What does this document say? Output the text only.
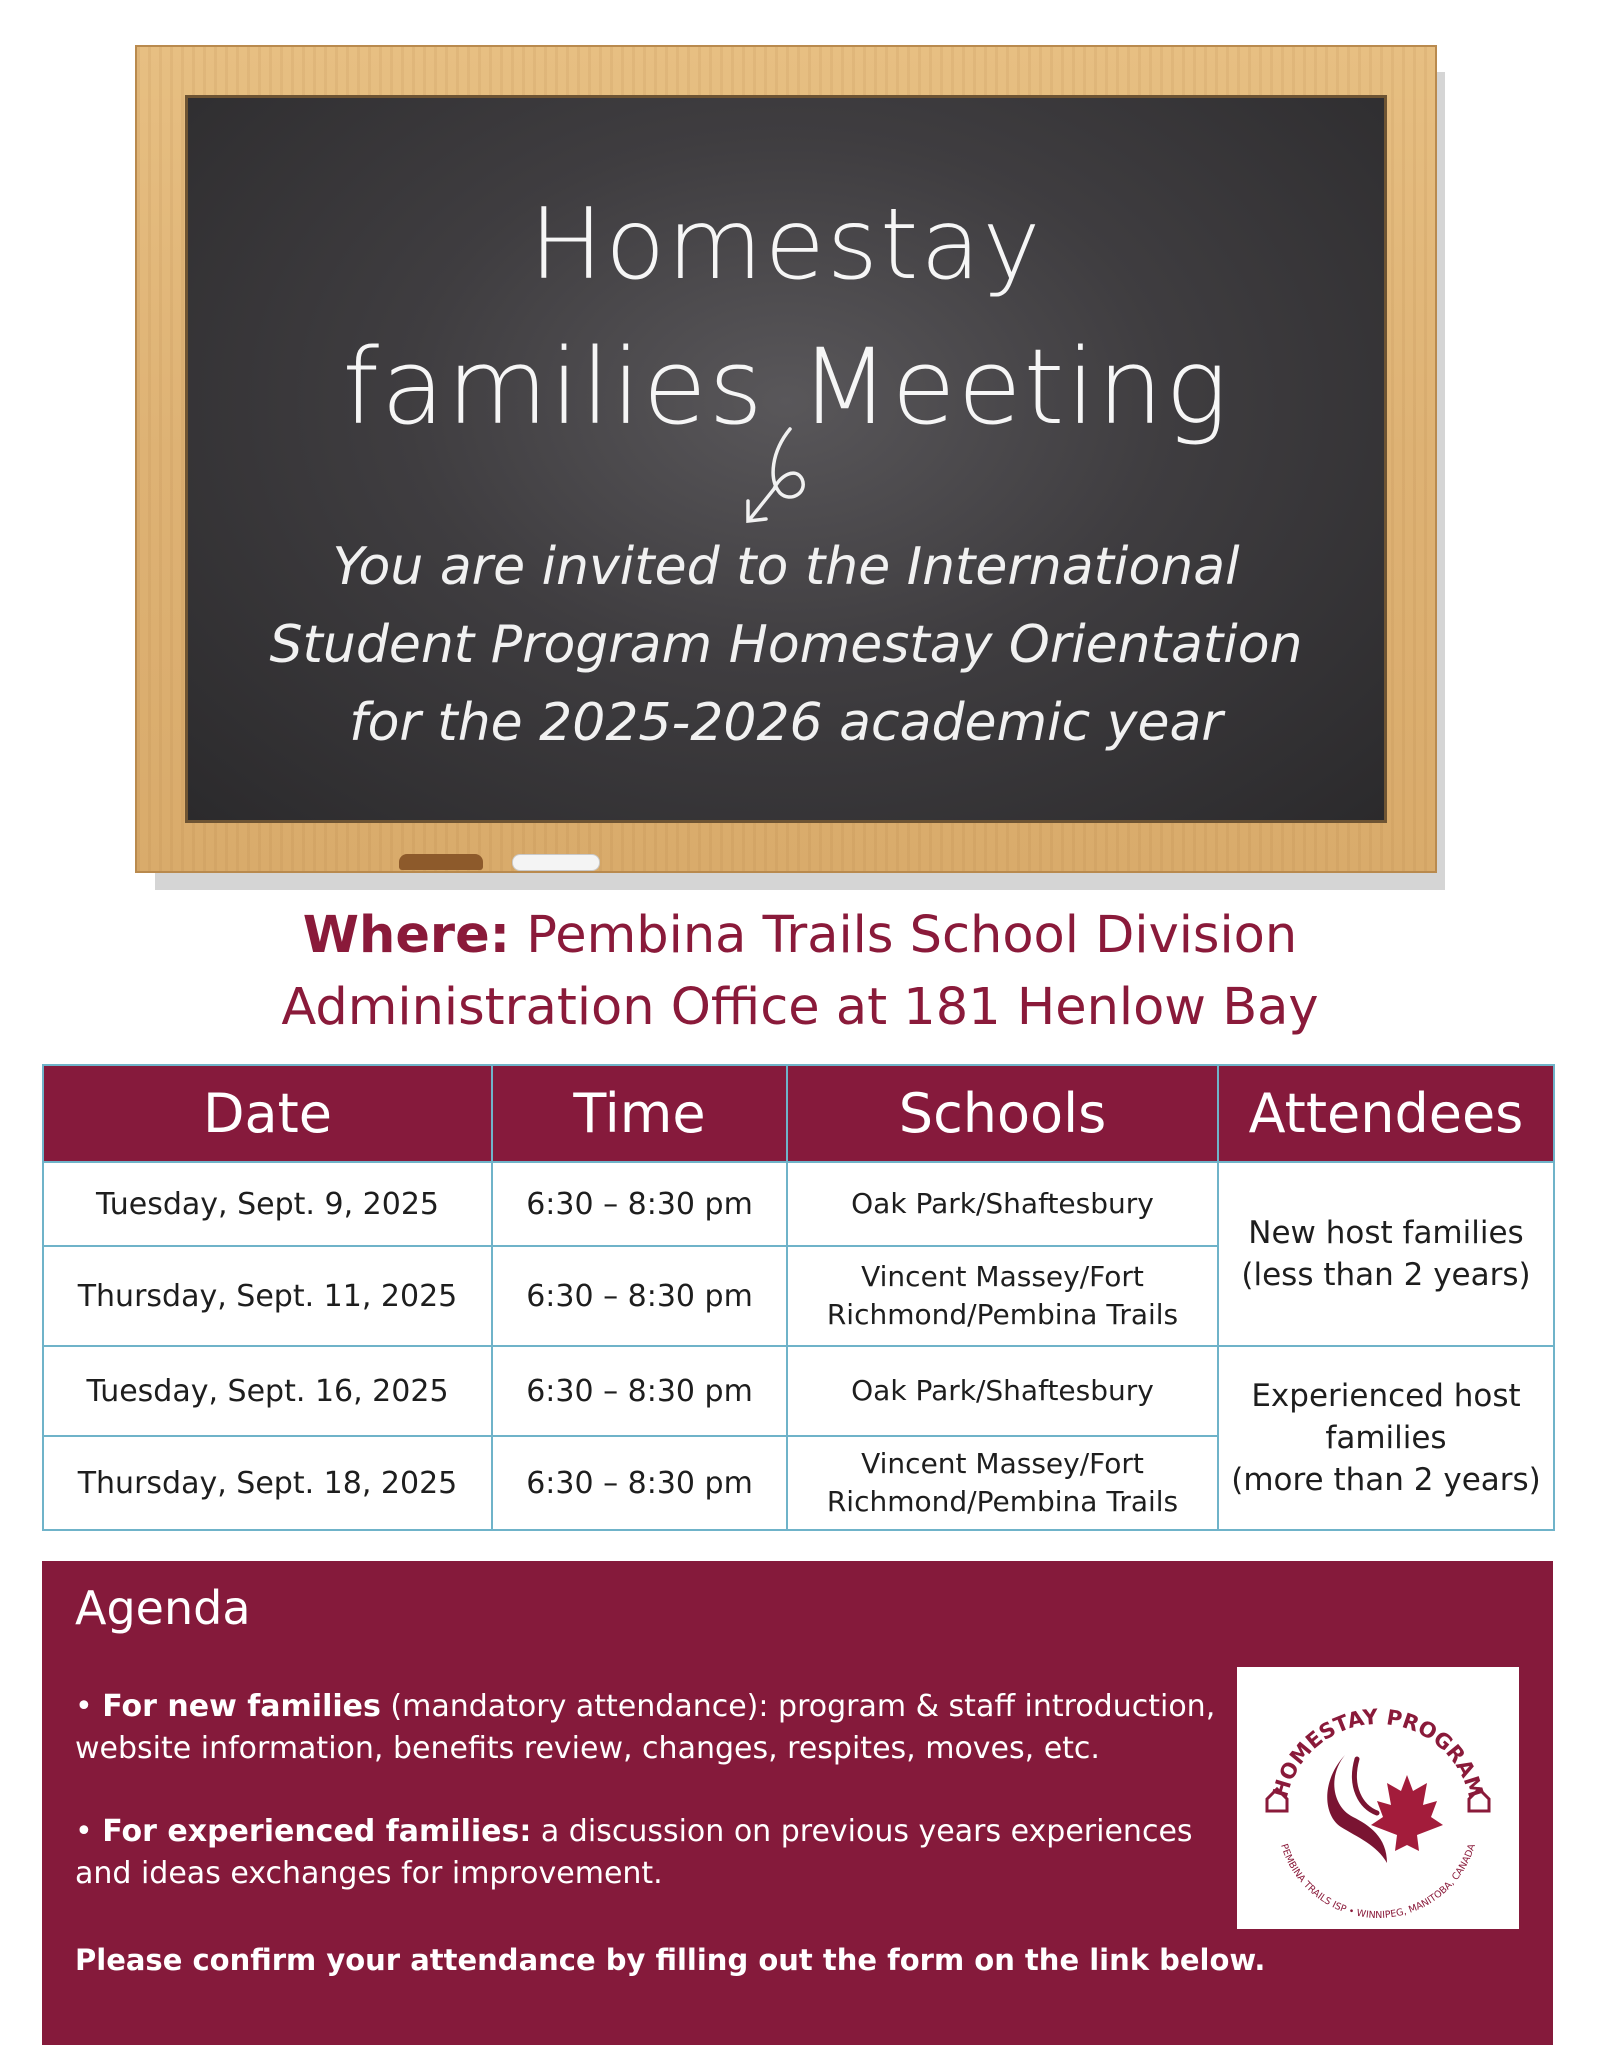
Homestay
families Meeting
You are invited to the International
Student Program Homestay Orientation
for the 2025-2026 academic year
Where: Pembina Trails School Division
Administration Office at 181 Henlow Bay
Date	Time	Schools	Attendees
Tuesday, Sept. 9, 2025	6:30 – 8:30 pm	Oak Park/Shaftesbury	New host families
(less than 2 years)

Thursday, Sept. 11, 2025	6:30 – 8:30 pm	Vincent Massey/Fort
Richmond/Pembina Trails	

Tuesday, Sept. 16, 2025	6:30 – 8:30 pm	Oak Park/Shaftesbury	Experienced host
families
(more than 2 years)

Thursday, Sept. 18, 2025	6:30 – 8:30 pm	Vincent Massey/Fort
Richmond/Pembina Trails	
Agenda
• For new families (mandatory attendance): program & staff introduction,
website information, benefits review, changes, respites, moves, etc.
• For experienced families: a discussion on previous years experiences
and ideas exchanges for improvement.
Please confirm your attendance by filling out the form on the link below.
HOMESTAY PROGRAM
PEMBINA TRAILS ISP • WINNIPEG, MANITOBA, CANADA
